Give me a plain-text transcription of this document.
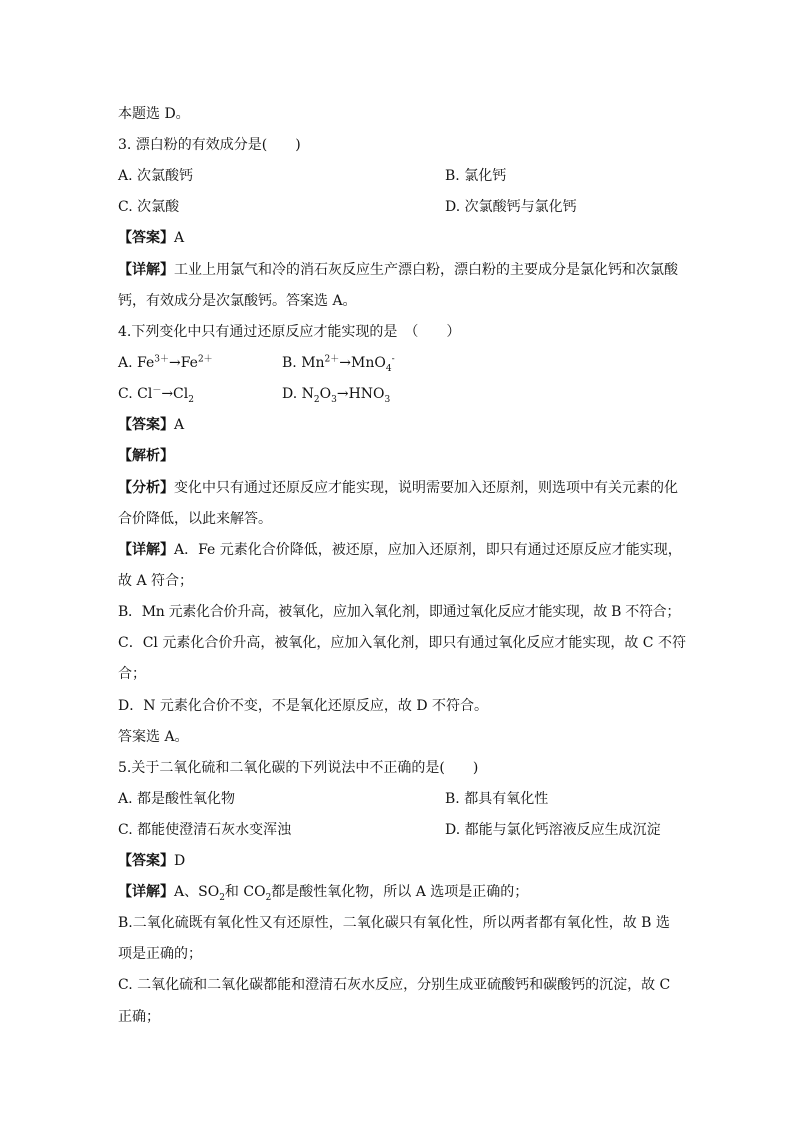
本题选 D。
3. 漂白粉的有效成分是(　　)
A. 次氯酸钙	B. 氯化钙
C. 次氯酸	D. 次氯酸钙与氯化钙
【答案】A
【详解】工业上用氯气和冷的消石灰反应生产漂白粉，漂白粉的主要成分是氯化钙和次氯酸
钙，有效成分是次氯酸钙。答案选 A。
4.下列变化中只有通过还原反应才能实现的是　（　　）
A. $Fe^{3+}\to Fe^{2+}$	B. $Mn^{2+}\to MnO_4^-$
C. $Cl^-\to Cl_2$	D. $N_2O_3\to HNO_3$
【答案】A
【解析】
【分析】变化中只有通过还原反应才能实现，说明需要加入还原剂，则选项中有关元素的化
合价降低，以此来解答。
【详解】A．Fe 元素化合价降低，被还原，应加入还原剂，即只有通过还原反应才能实现，
故 A 符合；
B．Mn 元素化合价升高，被氧化，应加入氧化剂，即通过氧化反应才能实现，故 B 不符合；
C．Cl 元素化合价升高，被氧化，应加入氧化剂，即只有通过氧化反应才能实现，故 C 不符
合；
D．N 元素化合价不变，不是氧化还原反应，故 D 不符合。
答案选 A。
5.关于二氧化硫和二氧化碳的下列说法中不正确的是(　　)
A. 都是酸性氧化物	B. 都具有氧化性
C. 都能使澄清石灰水变浑浊	D. 都能与氯化钙溶液反应生成沉淀
【答案】D
【详解】A、$SO_2$和 $CO_2$都是酸性氧化物，所以 A 选项是正确的；
B.二氧化硫既有氧化性又有还原性，二氧化碳只有氧化性，所以两者都有氧化性，故 B 选
项是正确的；
C. 二氧化硫和二氧化碳都能和澄清石灰水反应，分别生成亚硫酸钙和碳酸钙的沉淀，故 C
正确；
